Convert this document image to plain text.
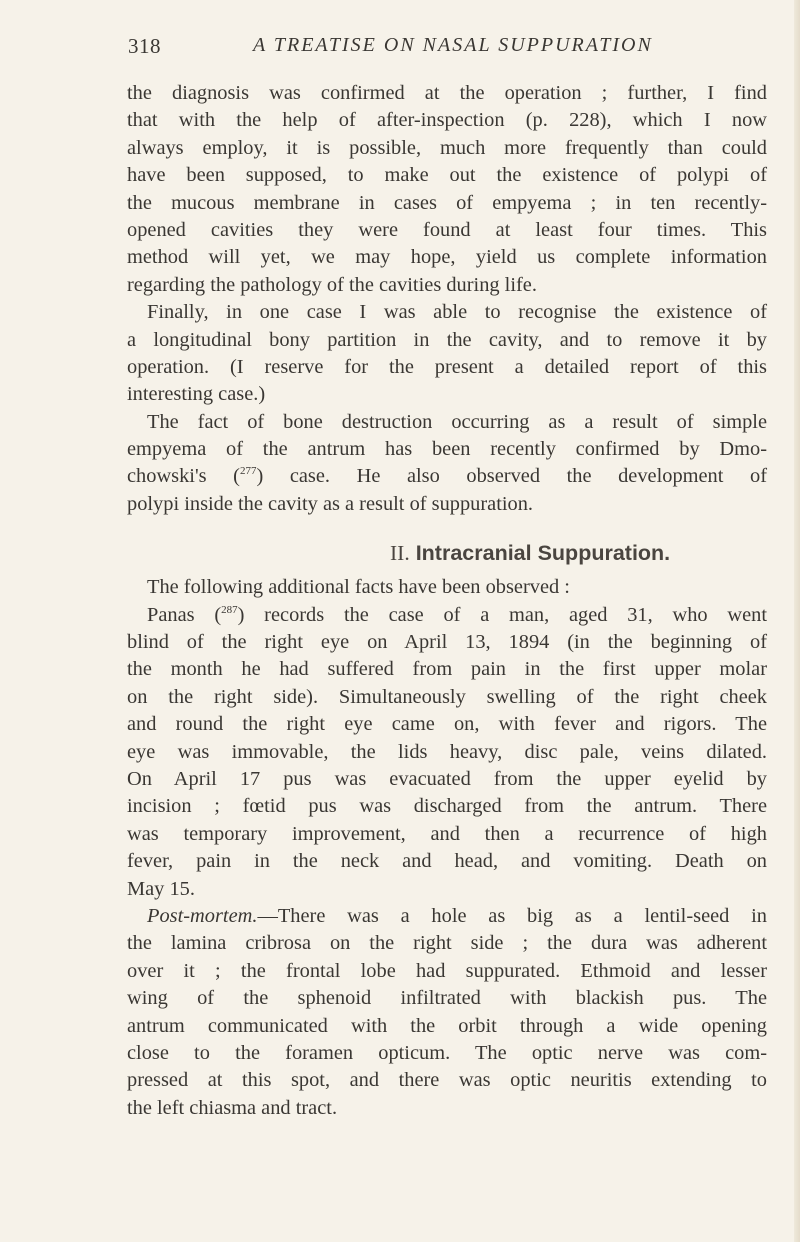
318	A TREATISE ON NASAL SUPPURATION
the diagnosis was confirmed at the operation ; further, I find
that with the help of after-inspection (p. 228), which I now
always employ, it is possible, much more frequently than could
have been supposed, to make out the existence of polypi of
the mucous membrane in cases of empyema ; in ten recently-
opened cavities they were found at least four times. This
method will yet, we may hope, yield us complete information
regarding the pathology of the cavities during life.
Finally, in one case I was able to recognise the existence of
a longitudinal bony partition in the cavity, and to remove it by
operation. (I reserve for the present a detailed report of this
interesting case.)
The fact of bone destruction occurring as a result of simple
empyema of the antrum has been recently confirmed by Dmo-
chowski's ($^{277}$) case. He also observed the development of
polypi inside the cavity as a result of suppuration.
II. Intracranial Suppuration.
The following additional facts have been observed :
Panas ($^{287}$) records the case of a man, aged 31, who went
blind of the right eye on April 13, 1894 (in the beginning of
the month he had suffered from pain in the first upper molar
on the right side). Simultaneously swelling of the right cheek
and round the right eye came on, with fever and rigors. The
eye was immovable, the lids heavy, disc pale, veins dilated.
On April 17 pus was evacuated from the upper eyelid by
incision ; fœtid pus was discharged from the antrum. There
was temporary improvement, and then a recurrence of high
fever, pain in the neck and head, and vomiting. Death on
May 15.
Post-mortem.—There was a hole as big as a lentil-seed in
the lamina cribrosa on the right side ; the dura was adherent
over it ; the frontal lobe had suppurated. Ethmoid and lesser
wing of the sphenoid infiltrated with blackish pus. The
antrum communicated with the orbit through a wide opening
close to the foramen opticum. The optic nerve was com-
pressed at this spot, and there was optic neuritis extending to
the left chiasma and tract.
